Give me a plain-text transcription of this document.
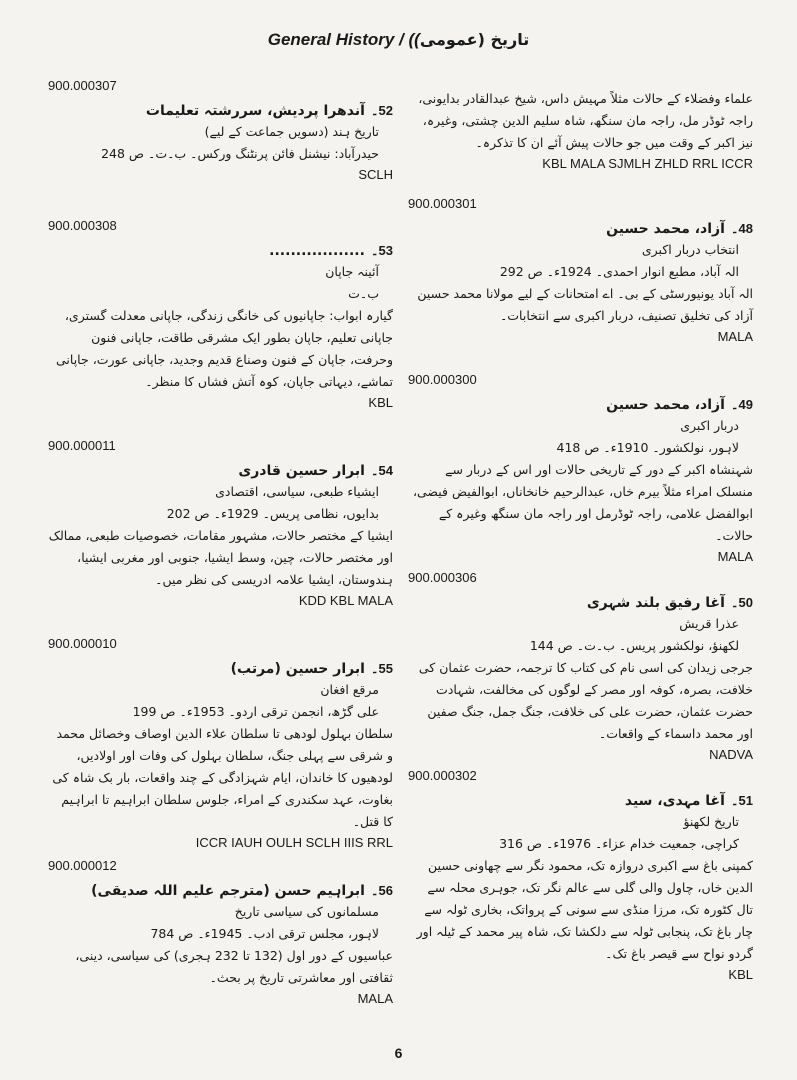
General History / ( تاریخ (عمومی)
900.000307
52۔آندھرا پردیش، سررشتہ تعلیمات
تاریخ ہند (دسویں جماعت کے لیے)
حیدرآباد: نیشنل فائن پرنٹنگ ورکس۔ ب۔ت۔ ص 248
SCLH
900.000308
53۔..................
آئینہ جاپان
ب۔ت
گیارہ ابواب: جاپانیوں کی خانگی زندگی، جاپانی معدلت گستری، جاپانی تعلیم، جاپان بطور ایک مشرقی طاقت، جاپانی فنون وحرفت، جاپان کے فنون وصناع قدیم وجدید، جاپانی عورت، جاپانی تماشے، دیہاتی جاپان، کوہ آتش فشاں کا منظر۔
KBL
900.000011
54۔ابرار حسین قادری
ایشیاء طبعی، سیاسی، اقتصادی
بدایوں، نظامی پریس۔ 1929ء۔ ص 202
ایشیا کے مختصر حالات، مشہور مقامات، خصوصیات طبعی، ممالک اور مختصر حالات، چین، وسط ایشیا، جنوبی اور مغربی ایشیا، ہندوستان، ایشیا علامہ ادریسی کی نظر میں۔
KDD KBL MALA
900.000010
55۔ابرار حسین (مرتب)
مرقع افغان
علی گڑھ، انجمن ترقی اردو۔ 1953ء۔ ص 199
سلطان بہلول لودھی تا سلطان علاء الدین اوصاف وخصائل محمد و شرقی سے پہلی جنگ، سلطان بہلول کی وفات اور اولادیں، لودھیوں کا خاندان، ایام شہزادگی کے چند واقعات، بار بک شاہ کی بغاوت، عہد سکندری کے امراء، جلوس سلطان ابراہیم تا ابراہیم کا قتل۔
ICCR IAUH OULH SCLH IIIS RRL
900.000012
56۔ابراہیم حسن (مترجم علیم اللہ صدیقی)
مسلمانوں کی سیاسی تاریخ
لاہور، مجلس ترقی ادب۔ 1945ء۔ ص 784
عباسیوں کے دور اول (132 تا 232 ہجری) کی سیاسی، دینی، ثقافتی اور معاشرتی تاریخ پر بحث۔
MALA
علماء وفضلاء کے حالات مثلاً مہیش داس، شیخ عبدالقادر بدایونی، راجہ ٹوڈر مل، راجہ مان سنگھ، شاہ سلیم الدین چشتی، وغیرہ، نیز اکبر کے وقت میں جو حالات پیش آئے ان کا تذکرہ۔
KBL MALA SJMLH ZHLD RRL ICCR
900.000301
48۔آزاد، محمد حسین
انتخاب دربار اکبری
الہ آباد، مطبع انوار احمدی۔ 1924ء۔ ص 292
الہ آباد یونیورسٹی کے بی۔ اے امتحانات کے لیے مولانا محمد حسین آزاد کی تخلیق تصنیف، دربار اکبری سے انتخابات۔
MALA
900.000300
49۔آزاد، محمد حسین
دربار اکبری
لاہور، نولکشور۔ 1910ء۔ ص 418
شہنشاہ اکبر کے دور کے تاریخی حالات اور اس کے دربار سے منسلک امراء مثلاً بیرم خاں، عبدالرحیم خانخاناں، ابوالفیض فیضی، ابوالفضل علامی، راجہ ٹوڈرمل اور راجہ مان سنگھ وغیرہ کے حالات۔
MALA
900.000306
50۔آغا رفیق بلند شہری
عذرا قریش
لکھنؤ، نولکشور پریس۔ ب۔ت۔ ص 144
جرجی زیدان کی اسی نام کی کتاب کا ترجمہ، حضرت عثمان کی خلافت، بصرہ، کوفہ اور مصر کے لوگوں کی مخالفت، شہادت حضرت عثمان، حضرت علی کی خلافت، جنگ جمل، جنگ صفین اور محمد داسماء کے واقعات۔
NADVA
900.000302
51۔آغا مہدی، سید
تاریخ لکھنؤ
کراچی، جمعیت خدام عزاء۔ 1976ء۔ ص 316
کمپنی باغ سے اکبری دروازہ تک، محمود نگر سے چھاونی حسین الدین خاں، چاول والی گلی سے عالم نگر تک، جوہری محلہ سے تال کٹورہ تک، مرزا منڈی سے سونی کے پرواتک، بخاری ٹولہ سے چار باغ تک، پنجابی ٹولہ سے دلکشا تک، شاہ پیر محمد کے ٹیلہ اور گردو نواح سے قیصر باغ تک۔
KBL
6
